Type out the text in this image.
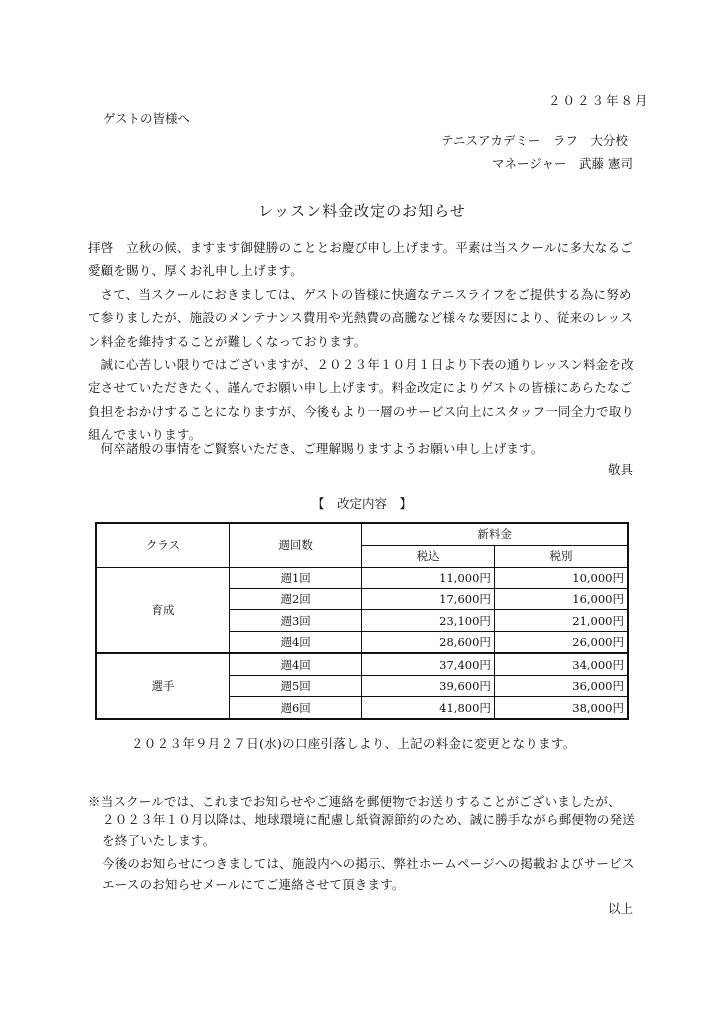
２０２３年８月
ゲストの皆様へ
テニスアカデミー　ラフ　大分校
マネージャー　武藤 憲司
レッスン料金改定のお知らせ
拝啓　立秋の候、ますます御健勝のこととお慶び申し上げます。平素は当スクールに多大なるご愛顧を賜り、厚くお礼申し上げます。
さて、当スクールにおきましては、ゲストの皆様に快適なテニスライフをご提供する為に努めて参りましたが、施設のメンテナンス費用や光熱費の高騰など様々な要因により、従来のレッスン料金を維持することが難しくなっております。
誠に心苦しい限りではございますが、２０２３年１０月１日より下表の通りレッスン料金を改定させていただきたく、謹んでお願い申し上げます。料金改定によりゲストの皆様にあらたなご負担をおかけすることになりますが、今後もより一層のサービス向上にスタッフ一同全力で取り組んでまいります。
何卒諸般の事情をご賢察いただき、ご理解賜りますようお願い申し上げます。
敬具
【　改定内容　】
クラス	週回数	新料金	
		税込	税別
育成	週1回	11,000円	10,000円
	週2回	17,600円	16,000円
	週3回	23,100円	21,000円
	週4回	28,600円	26,000円
選手	週4回	37,400円	34,000円
	週5回	39,600円	36,000円
	週6回	41,800円	38,000円
２０２３年９月２７日(水)の口座引落しより、上記の料金に変更となります。
※当スクールでは、これまでお知らせやご連絡を郵便物でお送りすることがございましたが、
２０２３年１０月以降は、地球環境に配慮し紙資源節約のため、誠に勝手ながら郵便物の発送
を終了いたします。
今後のお知らせにつきましては、施設内への掲示、弊社ホームページへの掲載およびサービス
エースのお知らせメールにてご連絡させて頂きます。
以上
